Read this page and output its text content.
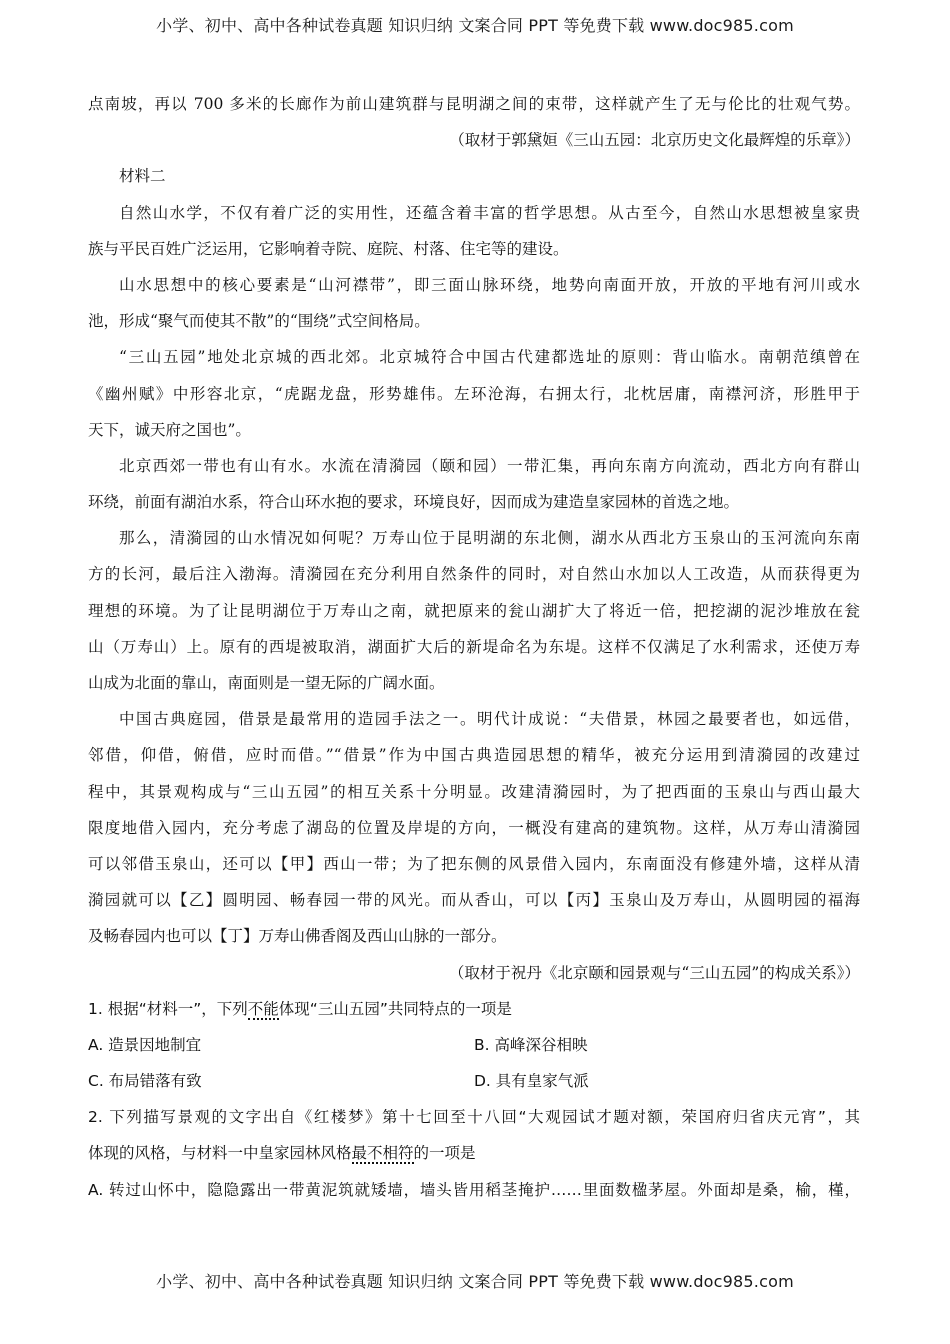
小学、初中、高中各种试卷真题 知识归纳 文案合同 PPT 等免费下载 www.doc985.com
点南坡，再以 700 多米的长廊作为前山建筑群与昆明湖之间的束带，这样就产生了无与伦比的壮观气势。
（取材于郭黛姮《三山五园：北京历史文化最辉煌的乐章》）
材料二
自然山水学，不仅有着广泛的实用性，还蕴含着丰富的哲学思想。从古至今，自然山水思想被皇家贵
族与平民百姓广泛运用，它影响着寺院、庭院、村落、住宅等的建设。
山水思想中的核心要素是“山河襟带”，即三面山脉环绕，地势向南面开放，开放的平地有河川或水
池，形成“聚气而使其不散”的“围绕”式空间格局。
“三山五园”地处北京城的西北郊。北京城符合中国古代建都选址的原则：背山临水。南朝范缜曾在
《幽州赋》中形容北京，“虎踞龙盘，形势雄伟。左环沧海，右拥太行，北枕居庸，南襟河济，形胜甲于
天下，诚天府之国也”。
北京西郊一带也有山有水。水流在清漪园（颐和园）一带汇集，再向东南方向流动，西北方向有群山
环绕，前面有湖泊水系，符合山环水抱的要求，环境良好，因而成为建造皇家园林的首选之地。
那么，清漪园的山水情况如何呢？万寿山位于昆明湖的东北侧，湖水从西北方玉泉山的玉河流向东南
方的长河，最后注入渤海。清漪园在充分利用自然条件的同时，对自然山水加以人工改造，从而获得更为
理想的环境。为了让昆明湖位于万寿山之南，就把原来的瓮山湖扩大了将近一倍，把挖湖的泥沙堆放在瓮
山（万寿山）上。原有的西堤被取消，湖面扩大后的新堤命名为东堤。这样不仅满足了水利需求，还使万寿
山成为北面的靠山，南面则是一望无际的广阔水面。
中国古典庭园，借景是最常用的造园手法之一。明代计成说：“夫借景，林园之最要者也，如远借，
邻借，仰借，俯借，应时而借。”“借景”作为中国古典造园思想的精华，被充分运用到清漪园的改建过
程中，其景观构成与“三山五园”的相互关系十分明显。改建清漪园时，为了把西面的玉泉山与西山最大
限度地借入园内，充分考虑了湖岛的位置及岸堤的方向，一概没有建高的建筑物。这样，从万寿山清漪园
可以邻借玉泉山，还可以【甲】西山一带；为了把东侧的风景借入园内，东南面没有修建外墙，这样从清
漪园就可以【乙】圆明园、畅春园一带的风光。而从香山，可以【丙】玉泉山及万寿山，从圆明园的福海
及畅春园内也可以【丁】万寿山佛香阁及西山山脉的一部分。
（取材于祝丹《北京颐和园景观与“三山五园”的构成关系》）
1. 根据“材料一”，下列不能体现“三山五园”共同特点的一项是
A. 造景因地制宜	B. 高峰深谷相映
C. 布局错落有致	D. 具有皇家气派
2. 下列描写景观的文字出自《红楼梦》第十七回至十八回“大观园试才题对额，荣国府归省庆元宵”，其
体现的风格，与材料一中皇家园林风格最不相符的一项是
A. 转过山怀中，隐隐露出一带黄泥筑就矮墙，墙头皆用稻茎掩护……里面数楹茅屋。外面却是桑，榆，槿，
小学、初中、高中各种试卷真题 知识归纳 文案合同 PPT 等免费下载 www.doc985.com
